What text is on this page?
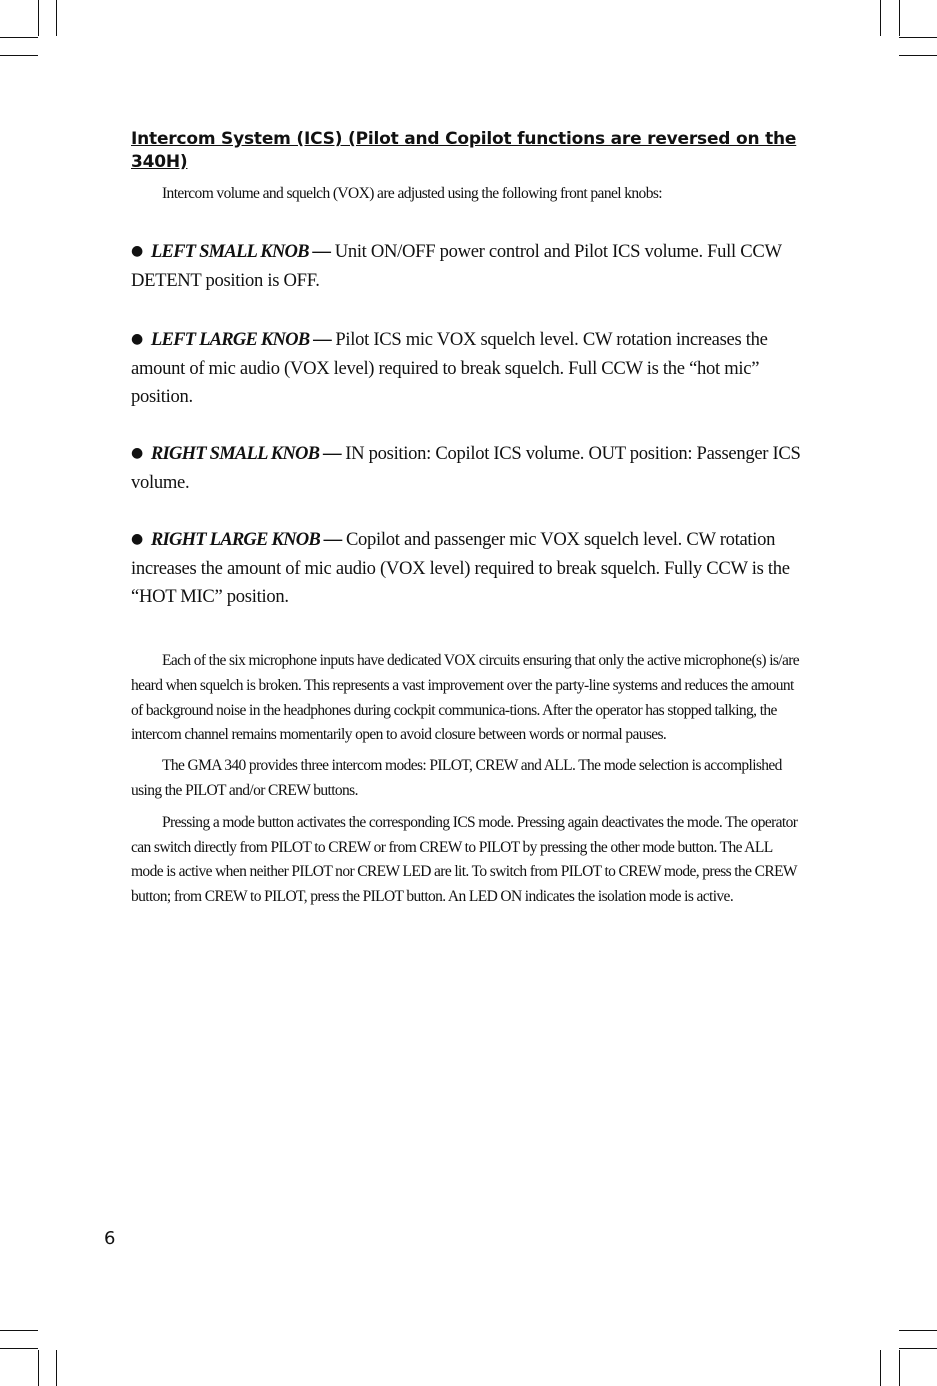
Intercom System (ICS) (Pilot and Copilot functions are reversed on the 340H)

Intercom volume and squelch (VOX) are adjusted using the following front panel knobs:

● LEFT SMALL KNOB — Unit ON/OFF power control and Pilot ICS volume. Full CCW DETENT position is OFF.

● LEFT LARGE KNOB — Pilot ICS mic VOX squelch level. CW rotation increases the amount of mic audio (VOX level) required to break squelch. Full CCW is the “hot mic” position.

● RIGHT SMALL KNOB — IN position: Copilot ICS volume. OUT position: Passenger ICS volume.

● RIGHT LARGE KNOB — Copilot and passenger mic VOX squelch level. CW rotation increases the amount of mic audio (VOX level) required to break squelch. Fully CCW is the “HOT MIC” position.

Each of the six microphone inputs have dedicated VOX circuits ensuring that only the active microphone(s) is/are heard when squelch is broken. This represents a vast improvement over the party-line systems and reduces the amount of background noise in the headphones during cockpit communica-tions. After the operator has stopped talking, the intercom channel remains momentarily open to avoid closure between words or normal pauses.

The GMA 340 provides three intercom modes: PILOT, CREW and ALL. The mode selection is accomplished using the PILOT and/or CREW buttons.

Pressing a mode button activates the corresponding ICS mode. Pressing again deactivates the mode. The operator can switch directly from PILOT to CREW or from CREW to PILOT by pressing the other mode button. The ALL mode is active when neither PILOT nor CREW LED are lit. To switch from PILOT to CREW mode, press the CREW button; from CREW to PILOT, press the PILOT button. An LED ON indicates the isolation mode is active.

6
